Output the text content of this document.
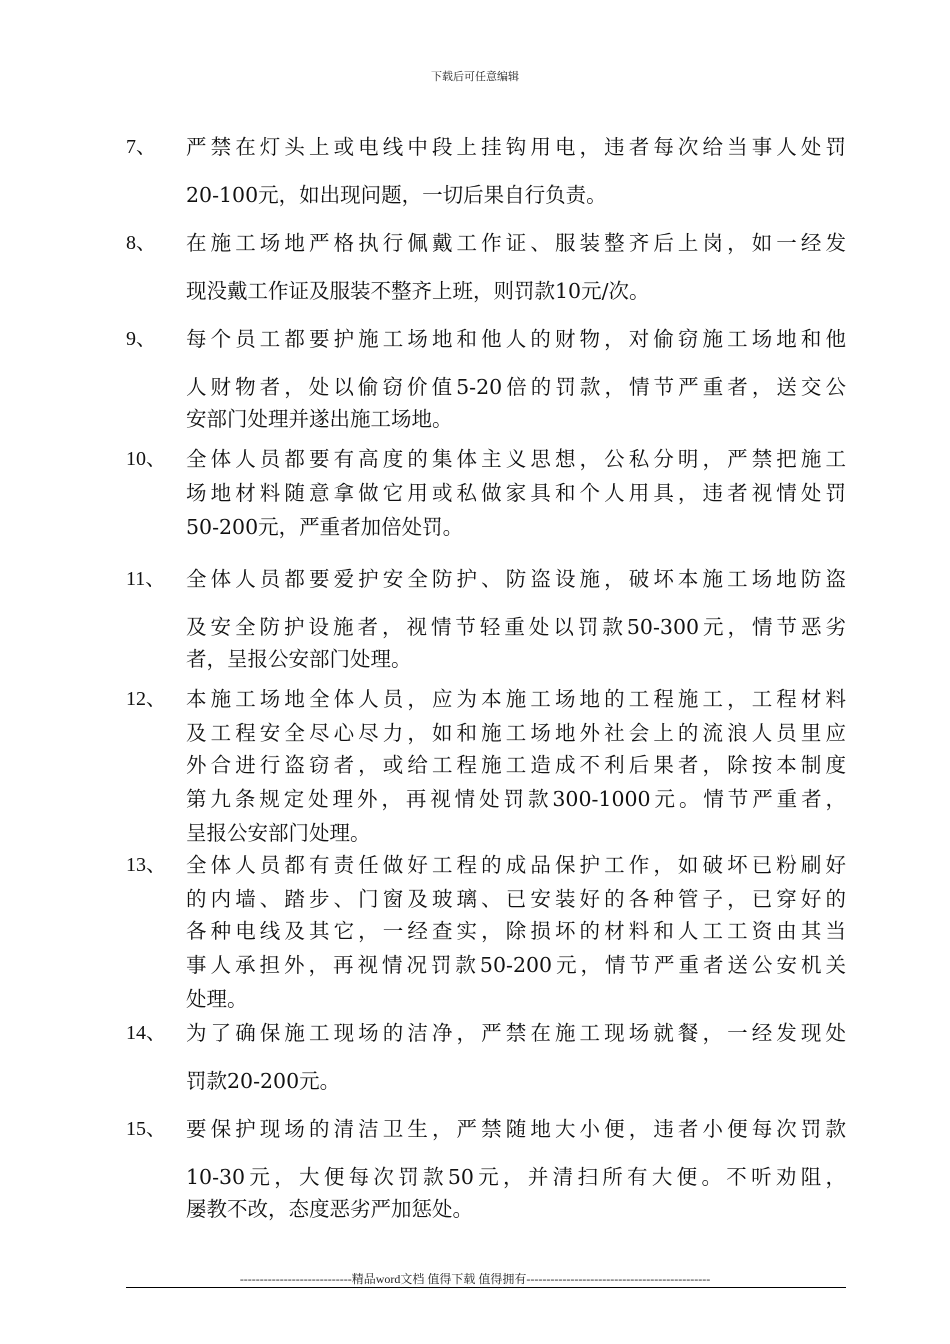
下载后可任意编辑
7、 严禁在灯头上或电线中段上挂钩用电，违者每次给当事人处罚
20-100元，如出现问题，一切后果自行负责。
8、 在施工场地严格执行佩戴工作证、服装整齐后上岗，如一经发
现没戴工作证及服装不整齐上班，则罚款10元/次。
9、 每个员工都要护施工场地和他人的财物，对偷窃施工场地和他
人财物者，处以偷窃价值5-20倍的罚款，情节严重者，送交公
安部门处理并遂出施工场地。
10、 全体人员都要有高度的集体主义思想，公私分明，严禁把施工
场地材料随意拿做它用或私做家具和个人用具，违者视情处罚
50-200元，严重者加倍处罚。
11、 全体人员都要爱护安全防护、防盗设施，破坏本施工场地防盗
及安全防护设施者，视情节轻重处以罚款50-300元，情节恶劣
者，呈报公安部门处理。
12、 本施工场地全体人员，应为本施工场地的工程施工，工程材料
及工程安全尽心尽力，如和施工场地外社会上的流浪人员里应
外合进行盗窃者，或给工程施工造成不利后果者，除按本制度
第九条规定处理外，再视情处罚款300-1000元。情节严重者，
呈报公安部门处理。
13、 全体人员都有责任做好工程的成品保护工作，如破坏已粉刷好
的内墙、踏步、门窗及玻璃、已安装好的各种管子，已穿好的
各种电线及其它，一经查实，除损坏的材料和人工工资由其当
事人承担外，再视情况罚款50-200元，情节严重者送公安机关
处理。
14、 为了确保施工现场的洁净，严禁在施工现场就餐，一经发现处
罚款20-200元。
15、 要保护现场的清洁卫生，严禁随地大小便，违者小便每次罚款
10-30元，大便每次罚款50元，并清扫所有大便。不听劝阻，
屡教不改，态度恶劣严加惩处。
----------------------------精品word文档 值得下载 值得拥有----------------------------------------------
